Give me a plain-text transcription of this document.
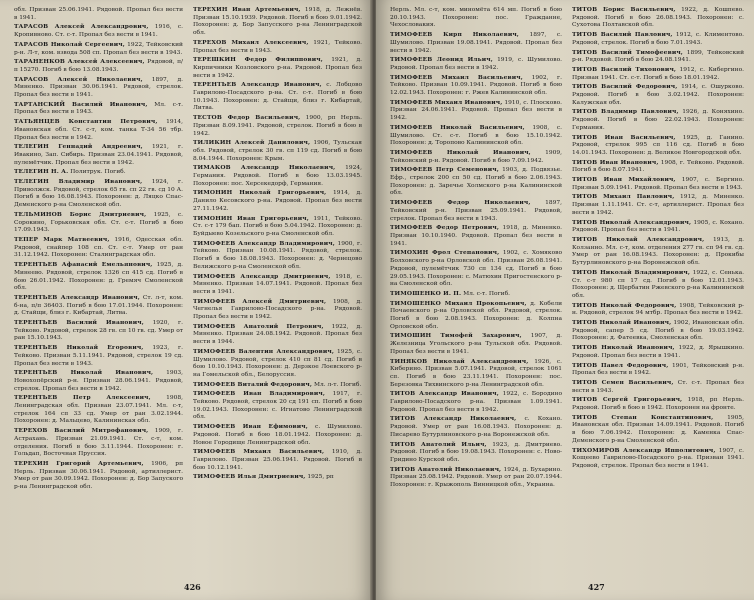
обл. Призван 25.06.1941. Рядовой. Пропал без вести в 1941.
ТАРАСОВ Алексей Александрович, 1916, с. Кропивново. Ст. с-т. Пропал без вести в 1941.
ТАРАСОВ Николай Сергеевич, 1922, Тейковский р-н. Л-т, ком. взвода 508 сп. Пропал без вести в 1943.
ТАРАНЕНКОВ Алексей Алексеевич, Рядовой, п/п 15270. Погиб в бою 13.08.1943.
ТАРАСОВ Алексей Николаевич, 1897, д. Миненко. Призван 30.06.1941. Рядовой, стрелок. Пропал без вести в 1941.
ТАРТАНСКИЙ Василий Иванович, Мл. с-т. Пропал без вести в 1943.
ТАТЬЯНЦЕВ Константин Петрович, 1914, Ивановская обл. Ст. с-т, ком. танка Т-34 56 тбр. Пропал без вести в 1942.
ТЕЛЕГИН Геннадий Андреевич, 1921, г. Ивакино, Зап. Сибирь. Призван 23.04.1941. Рядовой, пулемётчик. Пропал без вести в 1942.
ТЕЛЕГИН Н. А. Политрук. Погиб.
ТЕЛЕГИН Владимир Иванович, 1924, г. Приволжск. Рядовой, стрелок 65 гв. сп 22 гв. сд 10 А. Погиб в бою 16.08.1943. Похоронен: д. Ляцко Спас-Деменского р-на Смоленской обл.
ТЕЛЬМИНОВ Борис Дмитриевич, 1925, с. Сорокино, Горьковская обл. Ст. с-т. Погиб в бою 17.09.1943.
ТЕПЕР Марк Матвеевич, 1916, Одесская обл. Рядовой, снайпер 108 сп. Ст. с-т. Умер от ран 31.12.1942. Похоронен: Сталинградская обл.
ТЕРЕНТЬЕВ Афанасий Емельянович, 1925, д. Минеево. Рядовой, стрелок 1326 сп 415 сд. Погиб в бою 26.01.1942. Похоронен: д. Гремяч Смоленской обл.
ТЕРЕНТЬЕВ Александр Иванович, Ст. л-т, ком. б-на, п/п 36403. Погиб в бою 17.01.1944. Похоронен: д. Стайщи, близ г. Кибартай, Литва.
ТЕРЕНТЬЕВ Василий Иванович, 1920, г. Тейково. Рядовой, стрелок 28 гв. сп 10 гв. сд. Умер от ран 15.10.1943.
ТЕРЕНТЬЕВ Николай Егорович, 1923, г. Тейково. Призван 5.11.1941. Рядовой, стрелок 19 сд. Пропал без вести в 1943.
ТЕРЕНТЬЕВ Николай Иванович, 1903, Новохопёрский р-н. Призван 28.06.1941. Рядовой, стрелок. Пропал без вести в 1942.
ТЕРЕНТЬЕВ Петр Алексеевич,	1908, Ленинградская обл. Призван 23.07.1941. Мл. с-т, стрелок 164 сп 33 сд. Умер от ран 3.02.1944. Похоронен: д. Мальцево, Калининская обл.
ТЕРЕХОВ Василий Митрофанович, 1909, г. Астрахань. Призван 21.09.1941. Ст. с-т, ком. отделения. Погиб в бою 3.11.1944. Похоронен: г. Гольдап, Восточная Пруссия.
ТЕРЕХИН Григорий Артемьевич, 1906, рп Нерль. Призван 30.06.1941. Рядовой, артиллерист. Умер от ран 30.09.1942. Похоронен: д. Бор Запуского р-на Ленинградской обл.
ТЕРЕХИН Иван Артемьевич, 1918, д. Лежнёв. Призван 15.10.1939. Рядовой. Погиб в бою 9.01.1942. Похоронен: д. Бор Запусского р-на Ленинградской обл.
ТЕРЕХОВ Михаил Алексеевич, 1921, Тейково. Пропал без вести в 1943.
ТЕРЕШКИН Федор Филиппович, 1921, д. Кирпичники Козловского р-на. Рядовой. Пропал без вести в 1942.
ТЕРЕНТЬЕВ Александр Иванович, с. Лобцово Гаврилово-Посадского р-на. Ст. с-т. Погиб в бою 10.1943. Похоронен: д. Стайщи, близ г. Кибартай, Литва.
ТЕСТОВ Федор Васильевич, 1900, рп Нерль. Призван 8.09.1941. Рядовой, стрелок. Погиб в бою в 1942.
ТИЛИКИН Алексей Данилович, 1906, Тульская обл. Рядовой, стрелок 30 гв. сп 119 сд. Погиб в бою 8.04.1944. Похоронен: Крым.
ТИМАКОВ Александр Николаевич, 1924, Германия. Рядовой. Погиб в бою 13.03.1945. Похоронен: пос. Херсекедорф, Германия.
ТИМОНИН Николай Григорьевич, 1914, д. Данило Кесовского р-на. Рядовой. Пропал без вести 27.11.1942.
ТИМОНИН Иван Григорьевич, 1911, Тейково. Ст. с-т 179 бап. Погиб в бою 5.04.1942. Похоронен: д. Буйдыево Козельского р-на Смоленской обл.
ТИМОФЕЕВ Александр Владимирович, 1900, г. Тейково. Призван 10.08.1941. Рядовой, стрелок. Погиб в бою 18.08.1943. Похоронен: д. Чернецово Велижского р-на Смоленской обл.
ТИМОФЕЕВ Александр Дмитриевич, 1918, с. Миненко. Призван 14.07.1941. Рядовой. Пропал без вести в 1941.
ТИМОФЕЕВ Алексей Дмитриевич, 1908, д. Чегнелья Гаврилово-Посадского р-на. Рядовой. Пропал без вести в 1942.
ТИМОФЕЕВ Анатолий Петрович, 1922, д. Миненко. Призван 24.08.1942. Рядовой. Пропал без вести в 1944.
ТИМОФЕЕВ Валентин Александрович, 1925, с. Шумилово. Рядовой, стрелок 410 сп 81 сд. Погиб в бою 10.10.1943. Похоронен: д. Дерзкое Лоевского р-на Гомельской обл., Белоруссия.
ТИМОФЕЕВ Виталий Федорович, Мл. л-т. Погиб.
ТИМОФЕЕВ Иван Владимирович, 1917, г. Тейково. Рядовой, стрелок 20 сд 191 сп. Погиб в бою 19.02.1943. Похоронен: с. Игнатово Ленинградской обл.
ТИМОФЕЕВ Иван Ефимович, с. Шумилово. Рядовой. Погиб в бою 18.01.1942. Похоронен: д. Новое Городище Ленинградской обл.
ТИМОФЕЕВ Михаил Васильевич, 1910, д. Гаврилово. Призван 25.06.1941. Рядовой. Погиб в бою 10.12.1941.
ТИМОФЕЕВ Илья Дмитриевич, 1925, рп
426
Нерль. Мл. с-т, ком. миномёта 614 мп. Погиб в бою 20.10.1943. Похоронен: пос. Гражданне, Чехословакия.
ТИМОФЕЕВ Кирп Николаевич, 1897, с. Шумилово. Призван 19.08.1941. Рядовой. Пропал без вести в 1942.
ТИМОФЕЕВ Леонид Ильич, 1919, с. Шумилово. Рядовой. Пропал без вести в 1942.
ТИМОФЕЕВ Михаил Васильевич, 1902, г. Тейково. Призван 10.09.1941. Рядовой. Погиб в бою 12.02.1943. Похоронен: г. Ржев Калининской обл.
ТИМОФЕЕВ Михаил Иванович, 1910, с. Плосково. Призван 24.06.1941. Рядовой. Пропал без вести в 1942.
ТИМОФЕЕВ Николай Васильевич, 1908, с. Шумилово. Ст. с-т. Погиб в бою 15.10.1942. Похоронен: д. Торопово Калининской обл.
ТИМОФЕЕВ Николай Иванович, 1909, Тейковский р-н. Рядовой. Погиб в бою 7.09.1942.
ТИМОФЕЕВ Петр Семенович, 1903, д. Подвязье. Ефр., стрелок 200 сп 50 сд. Погиб в бою 2.06.1943. Похоронен: д. Заречье Холмского р-на Калининской обл.
ТИМОФЕЕВ Федор Николаевич, 1897, Тейковский р-н. Призван 25.09.1941. Рядовой, стрелок. Пропал без вести в 1943.
ТИМОФЕЕВ Федор Петрович, 1918, д. Миненко. Призван 10.10.1940. Рядовой. Пропал без вести в 1941.
ТИМОХИН Фрол Степанович, 1902, с. Хомяково Болховского р-на Орловской обл. Призван 26.08.1941. Рядовой, пулемётчик 730 сп 134 сд. Погиб в бою 29.05.1943. Похоронен: с. Матюхин Пригостенского р-на Смоленской обл.
ТИМОШЕНКО И. П. Мл. с-т. Погиб.
ТИМОШЕНКО Михаил Прокопьевич, д. Кобели Почаевского р-на Орловской обл. Рядовой, стрелок. Погиб в бою 2.08.1943. Похоронен: д. Колпна Орловской обл.
ТИМОШИН Тимофей Захарович, 1907, д. Железница Угольского р-на Тульской обл. Рядовой. Пропал без вести в 1941.
ТИНЯКОВ Николай Александрович, 1926, с. Киберино. Призван 5.07.1941. Рядовой, стрелок 1061 сп. Погиб в бою 23.11.1941. Похоронен: пос. Березовка Тихвинского р-на Ленинградской обл.
ТИТОВ Александр Иванович, 1922, с. Бородино Гаврилово-Посадского р-на. Призван 1.09.1941. Рядовой. Пропал без вести в 1942.
ТИТОВ Александр Николаевич, с. Кохано. Рядовой. Умер от ран 16.08.1943. Похоронен: д. Писарево Бутурлиновского р-на Воронежской обл.
ТИТОВ Анатолий Ильич, 1923, д. Дмитриево. Рядовой. Погиб в бою 19.08.1943. Похоронен: с. Ново-Гридино Курской обл.
ТИТОВ Анатолий Николаевич, 1924, д. Бухарино. Призван 25.08.1942. Рядовой. Умер от ран 20.07.1944. Похоронен: г. Крыжополь Винницкой обл., Украина.
ТИТОВ Борис Васильевич, 1922, д. Кошпево. Рядовой. Погиб в бою 26.08.1943. Похоронен: с. Сухотова Полтавской обл.
ТИТОВ Василий Павлович, 1912, с. Климентово. Рядовой, стрелок. Погиб в бою 7.01.1943.
ТИТОВ Василий Тимофеевич, 1899, Тейковский р-н. Рядовой. Погиб в бою 24.08.1941.
ТИТОВ Василий Тихонович, 1912, с. Кибергино. Призван 1941. Ст. с-т. Погиб в бою 18.01.1942.
ТИТОВ Василий Федорович, 1914, с. Ошурково. Рядовой. Погиб в бою 3.02.1942. Похоронен: Калужская обл.
ТИТОВ Владимир Павлович, 1926, д. Коняхино. Рядовой. Погиб в бою 22.02.1943. Похоронен: Германия.
ТИТОВ Иван Васильевич, 1925, д. Ганино. Рядовой, стрелок 995 сп 116 сд. Погиб в бою 14.01.1943. Похоронен: д. Великое Новгородской обл.
ТИТОВ Иван Иванович, 1908, г. Тейково. Рядовой. Погиб в бою 8.07.1941.
ТИТОВ Иван Михайлович, 1907, с. Бергино. Призван 5.09.1941. Рядовой. Пропал без вести в 1943.
ТИТОВ Михаил Павлович, 1912, д. Миненко. Призван 1.11.1941. Ст. с-т, артиллерист. Пропал без вести в 1942.
ТИТОВ Николай Александрович, 1905, с. Кохано. Рядовой. Пропал без вести в 1941.
ТИТОВ Николай Александрович, 1913, д. Колзанно. Мл. с-т, ком. отделения 277 гв. сп 94 гв. сд. Умер от ран 16.08.1943. Похоронен: д. Прокибы Бутурлиновского р-на Воронежской обл.
ТИТОВ Николай Владимирович, 1922, с. Сенька. Ст. с-т 980 сп 17 сд. Погиб в бою 12.01.1943. Похоронен: д. Щербатин Ржевского р-на Калининской обл.
ТИТОВ Николай Федорович, 1908, Тейковский р-н. Рядовой, стрелок 94 мтбр. Пропал без вести в 1942.
ТИТОВ Николай Иванович, 1902, Ивановская обл. Рядовой, сапер 5 сд. Погиб в бою 19.03.1942. Похоронен: д. Фатеевка, Смоленская обл.
ТИТОВ Николай Иванович, 1922, д. Ярышкино. Рядовой. Пропал без вести в 1941.
ТИТОВ Павел Федорович, 1901, Тейковский р-н. Пропал без вести в 1942.
ТИТОВ Семен Васильевич, Ст. с-т. Пропал без вести в 1943.
ТИТОВ Сергей Григорьевич, 1918, рп Нерль. Рядовой. Погиб в бою в 1942. Похоронен на фронте.
ТИТОВ Степан Константинович, 1905, Ивановская обл. Призван 14.09.1941. Рядовой. Погиб в бою 7.06.1942. Похоронен: д. Каменка Спас-Деменского р-на Смоленской обл.
ТИХОМИРОВ Александр Ипполитович, 1907, с. Кощеево Гаврилово-Посадского р-на. Призван 1941. Рядовой, стрелок. Пропал без вести в 1941.
427
